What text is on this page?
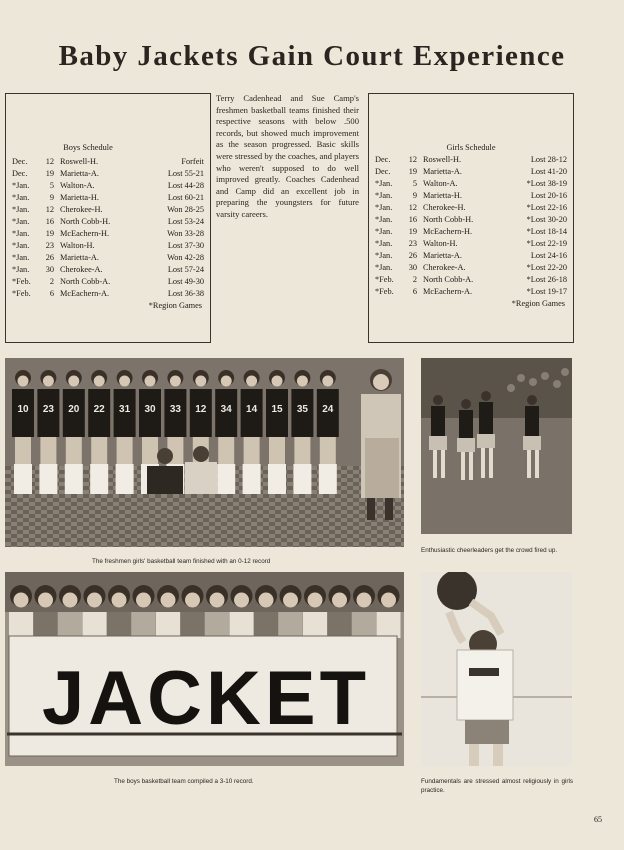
Baby Jackets Gain Court Experience
Boys Schedule
Dec.	12 Roswell-H.	Forfeit
Dec.	19 Marietta-A.	Lost 55-21
*Jan.	5 Walton-A.	Lost 44-28
*Jan.	9 Marietta-H.	Lost 60-21
*Jan.	12 Cherokee-H.	Won 28-25
*Jan.	16 North Cobb-H.	Lost 53-24
*Jan.	19 McEachern-H.	Won 33-28
*Jan.	23 Walton-H.	Lost 37-30
*Jan.	26 Marietta-A.	Won 42-28
*Jan.	30 Cherokee-A.	Lost 57-24
*Feb.	2 North Cobb-A.	Lost 49-30
*Feb.	6 McEachern-A.	Lost 36-38
*Region Games
Terry Cadenhead and Sue Camp's freshmen basketball teams finished their respective seasons with below .500 records, but showed much improvement as the season progressed. Basic skills were stressed by the coaches, and players who weren't supposed to do well improved greatly. Coaches Cadenhead and Camp did an excellent job in preparing the youngsters for future varsity careers.
Girls Schedule
Dec.	12 Roswell-H.	Lost 28-12
Dec.	19 Marietta-A.	Lost 41-20
*Jan.	5 Walton-A.	*Lost 38-19
*Jan.	9 Marietta-H.	Lost 20-16
*Jan.	12 Cherokee-H.	*Lost 22-16
*Jan.	16 North Cobb-H.	*Lost 30-20
*Jan.	19 McEachern-H.	*Lost 18-14
*Jan.	23 Walton-H.	*Lost 22-19
*Jan.	26 Marietta-A.	Lost 24-16
*Jan.	30 Cherokee-A.	*Lost 22-20
*Feb.	2 North Cobb-A.	*Lost 26-18
*Feb.	6 McEachern-A.	*Lost 19-17
*Region Games
10 23 20 22 31 30 33 12 34 14 15 35 24
The freshmen girls' basketball team finished with an 0-12 record
Enthusiastic cheerleaders get the crowd fired up.
JACKET
The boys basketball team compiled a 3-10 record.	Fundamentals are stressed almost religiously in girls practice.
65
